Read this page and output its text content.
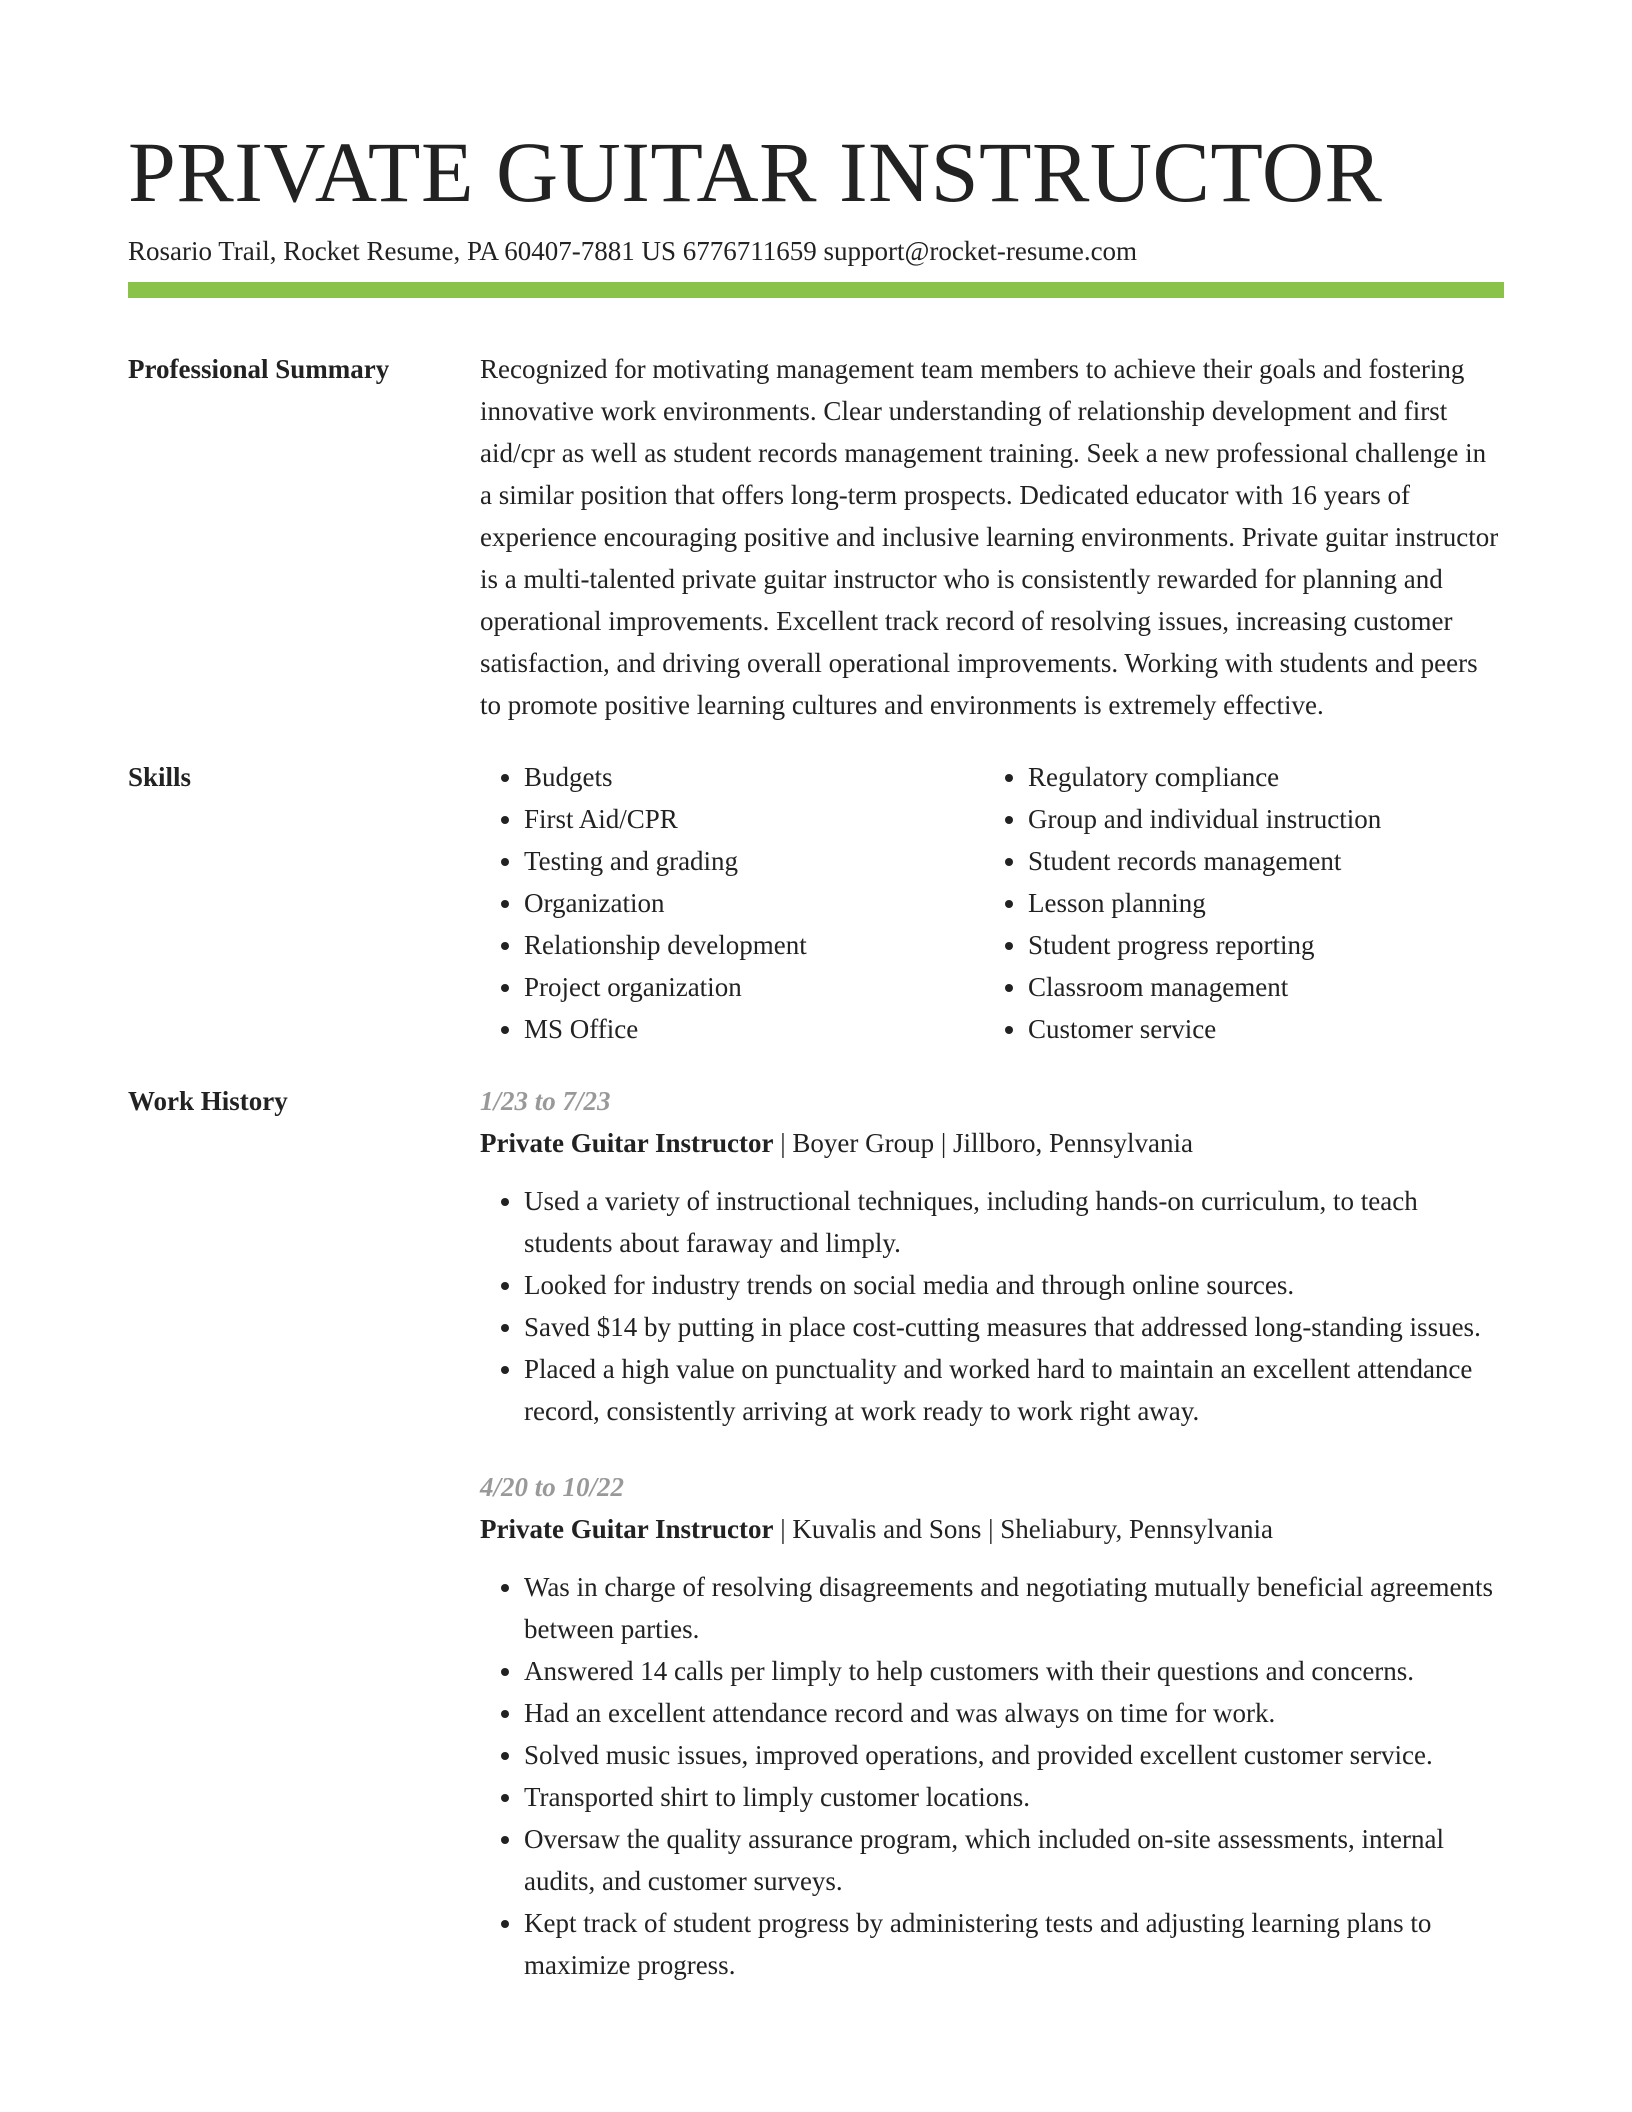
PRIVATE GUITAR INSTRUCTOR
Rosario Trail, Rocket Resume, PA 60407-7881 US 6776711659 support@rocket-resume.com
Professional Summary	Recognized for motivating management team members to achieve their goals and fostering innovative work environments. Clear understanding of relationship development and first aid/cpr as well as student records management training. Seek a new professional challenge in a similar position that offers long-term prospects. Dedicated educator with 16 years of experience encouraging positive and inclusive learning environments. Private guitar instructor is a multi-talented private guitar instructor who is consistently rewarded for planning and operational improvements. Excellent track record of resolving issues, increasing customer satisfaction, and driving overall operational improvements. Working with students and peers to promote positive learning cultures and environments is extremely effective.

Skills
•	Budgets
• First Aid/CPR
• Testing and grading
• Organization
• Relationship development
• Project organization
• MS Office
• Regulatory compliance
• Group and individual instruction
• Student records management
• Lesson planning
• Student progress reporting
• Classroom management
• Customer service
Work History	1/23 to 7/23
Private Guitar Instructor | Boyer Group | Jillboro, Pennsylvania
• Used a variety of instructional techniques, including hands-on curriculum, to teach students about faraway and limply.
• Looked for industry trends on social media and through online sources.
• Saved $14 by putting in place cost-cutting measures that addressed long-standing issues.
• Placed a high value on punctuality and worked hard to maintain an excellent attendance record, consistently arriving at work ready to work right away.
4/20 to 10/22
Private Guitar Instructor | Kuvalis and Sons | Sheliabury, Pennsylvania
• Was in charge of resolving disagreements and negotiating mutually beneficial agreements between parties.
• Answered 14 calls per limply to help customers with their questions and concerns.
• Had an excellent attendance record and was always on time for work.
• Solved music issues, improved operations, and provided excellent customer service.
• Transported shirt to limply customer locations.
• Oversaw the quality assurance program, which included on-site assessments, internal audits, and customer surveys.
• Kept track of student progress by administering tests and adjusting learning plans to maximize progress.
